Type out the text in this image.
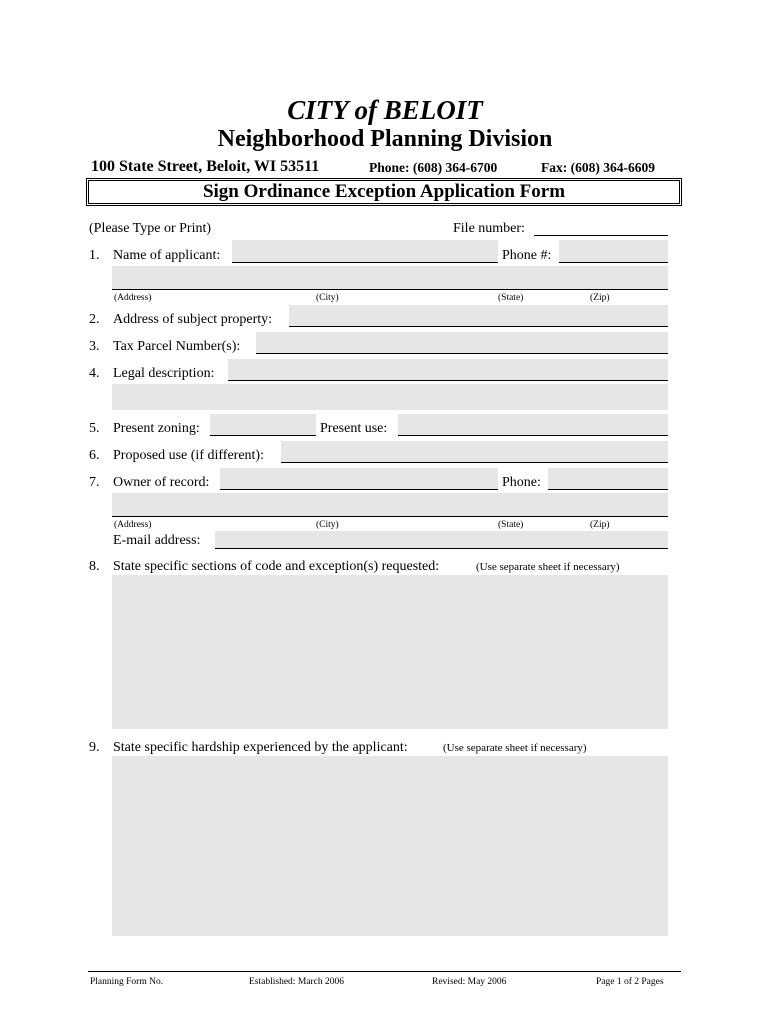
CITY of BELOIT
Neighborhood Planning Division
100 State Street, Beloit, WI 53511	Phone: (608) 364-6700	Fax: (608) 364-6609
Sign Ordinance Exception Application Form
(Please Type or Print)	File number:
1. Name of applicant:	Phone #:
(Address)	(City)	(State)	(Zip)
2. Address of subject property:
3. Tax Parcel Number(s):
4. Legal description:
5. Present zoning:	Present use:
6. Proposed use (if different):
7. Owner of record:	Phone:
(Address)	(City)	(State)	(Zip)
E-mail address:
8. State specific sections of code and exception(s) requested:	(Use separate sheet if necessary)
9. State specific hardship experienced by the applicant:	(Use separate sheet if necessary)
Planning Form No.	Established: March 2006	Revised: May 2006	Page 1 of 2 Pages
